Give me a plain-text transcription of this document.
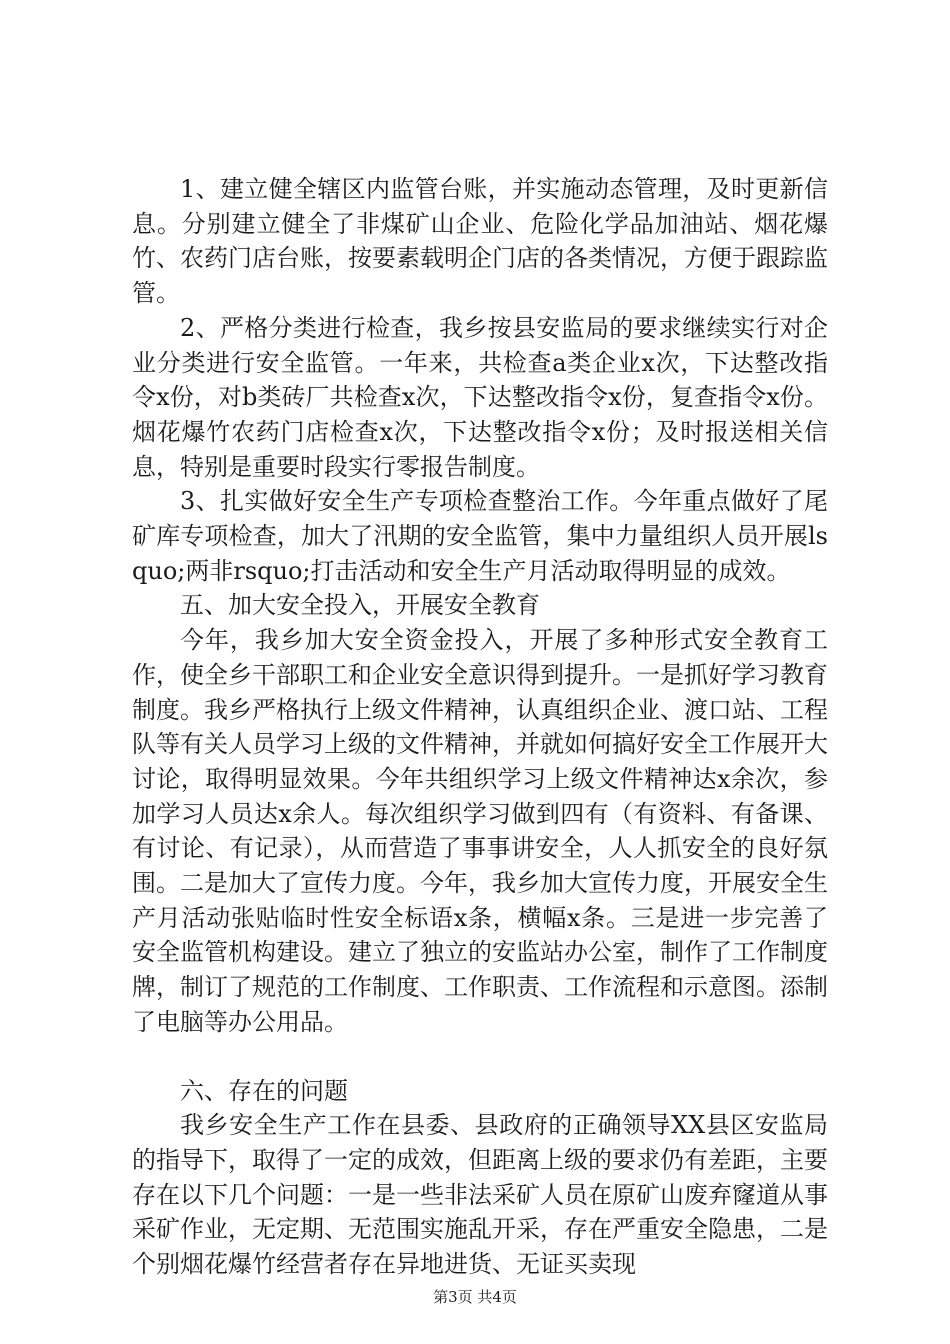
1、建立健全辖区内监管台账，并实施动态管理，及时更新信息。分别建立健全了非煤矿山企业、危险化学品加油站、烟花爆竹、农药门店台账，按要素载明企门店的各类情况，方便于跟踪监管。

2、严格分类进行检查，我乡按县安监局的要求继续实行对企业分类进行安全监管。一年来，共检查a类企业x次，下达整改指令x份，对b类砖厂共检查x次，下达整改指令x份，复查指令x份。烟花爆竹农药门店检查x次，下达整改指令x份；及时报送相关信息，特别是重要时段实行零报告制度。

3、扎实做好安全生产专项检查整治工作。今年重点做好了尾矿库专项检查，加大了汛期的安全监管，集中力量组织人员开展lsquo;两非rsquo;打击活动和安全生产月活动取得明显的成效。

五、加大安全投入，开展安全教育

今年，我乡加大安全资金投入，开展了多种形式安全教育工作，使全乡干部职工和企业安全意识得到提升。一是抓好学习教育制度。我乡严格执行上级文件精神，认真组织企业、渡口站、工程队等有关人员学习上级的文件精神，并就如何搞好安全工作展开大讨论，取得明显效果。今年共组织学习上级文件精神达x余次，参加学习人员达x余人。每次组织学习做到四有（有资料、有备课、有讨论、有记录），从而营造了事事讲安全，人人抓安全的良好氛围。二是加大了宣传力度。今年，我乡加大宣传力度，开展安全生产月活动张贴临时性安全标语x条，横幅x条。三是进一步完善了安全监管机构建设。建立了独立的安监站办公室，制作了工作制度牌，制订了规范的工作制度、工作职责、工作流程和示意图。添制了电脑等办公用品。

六、存在的问题

我乡安全生产工作在县委、县政府的正确领导XX县区安监局的指导下，取得了一定的成效，但距离上级的要求仍有差距，主要存在以下几个问题：一是一些非法采矿人员在原矿山废弃窿道从事采矿作业，无定期、无范围实施乱开采，存在严重安全隐患，二是个别烟花爆竹经营者存在异地进货、无证买卖现

第3页 共4页
